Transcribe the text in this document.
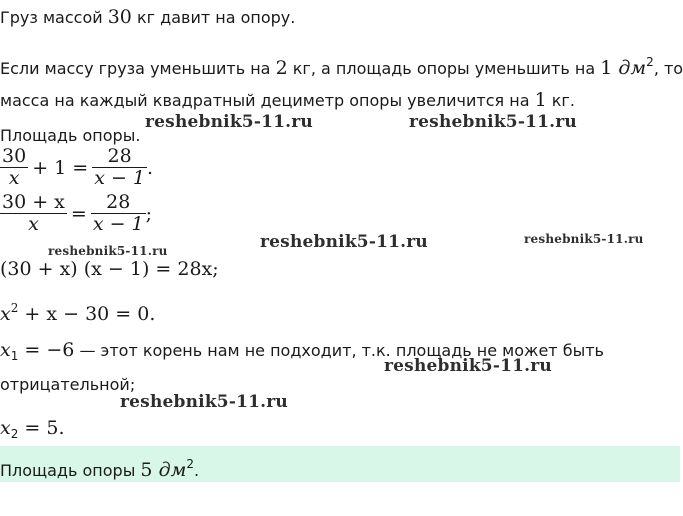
Груз массой 30 кг давит на опору.
Если массу груза уменьшить на 2 кг, а площадь опоры уменьшить на 1 $дм^2$, то
масса на каждый квадратный дециметр опоры увеличится на 1 кг.
Площадь опоры.
$\frac{30}{x} + 1 = \frac{28}{x - 1}$ .
$\frac{30 + x}{x} = \frac{28}{x - 1}$ ;
(30 + x) (x − 1) = 28x;
$x^2 + x - 30 = 0$.
$x_1 = -6$ — этот корень нам не подходит, т.к. площадь не может быть
отрицательной;
$x_2 = 5$.
Площадь опоры 5 $дм^2$.
reshebnik5-11.ru	reshebnik5-11.ru
reshebnik5-11.ru
reshebnik5-11.ru
reshebnik5-11.ru
reshebnik5-11.ru
reshebnik5-11.ru
